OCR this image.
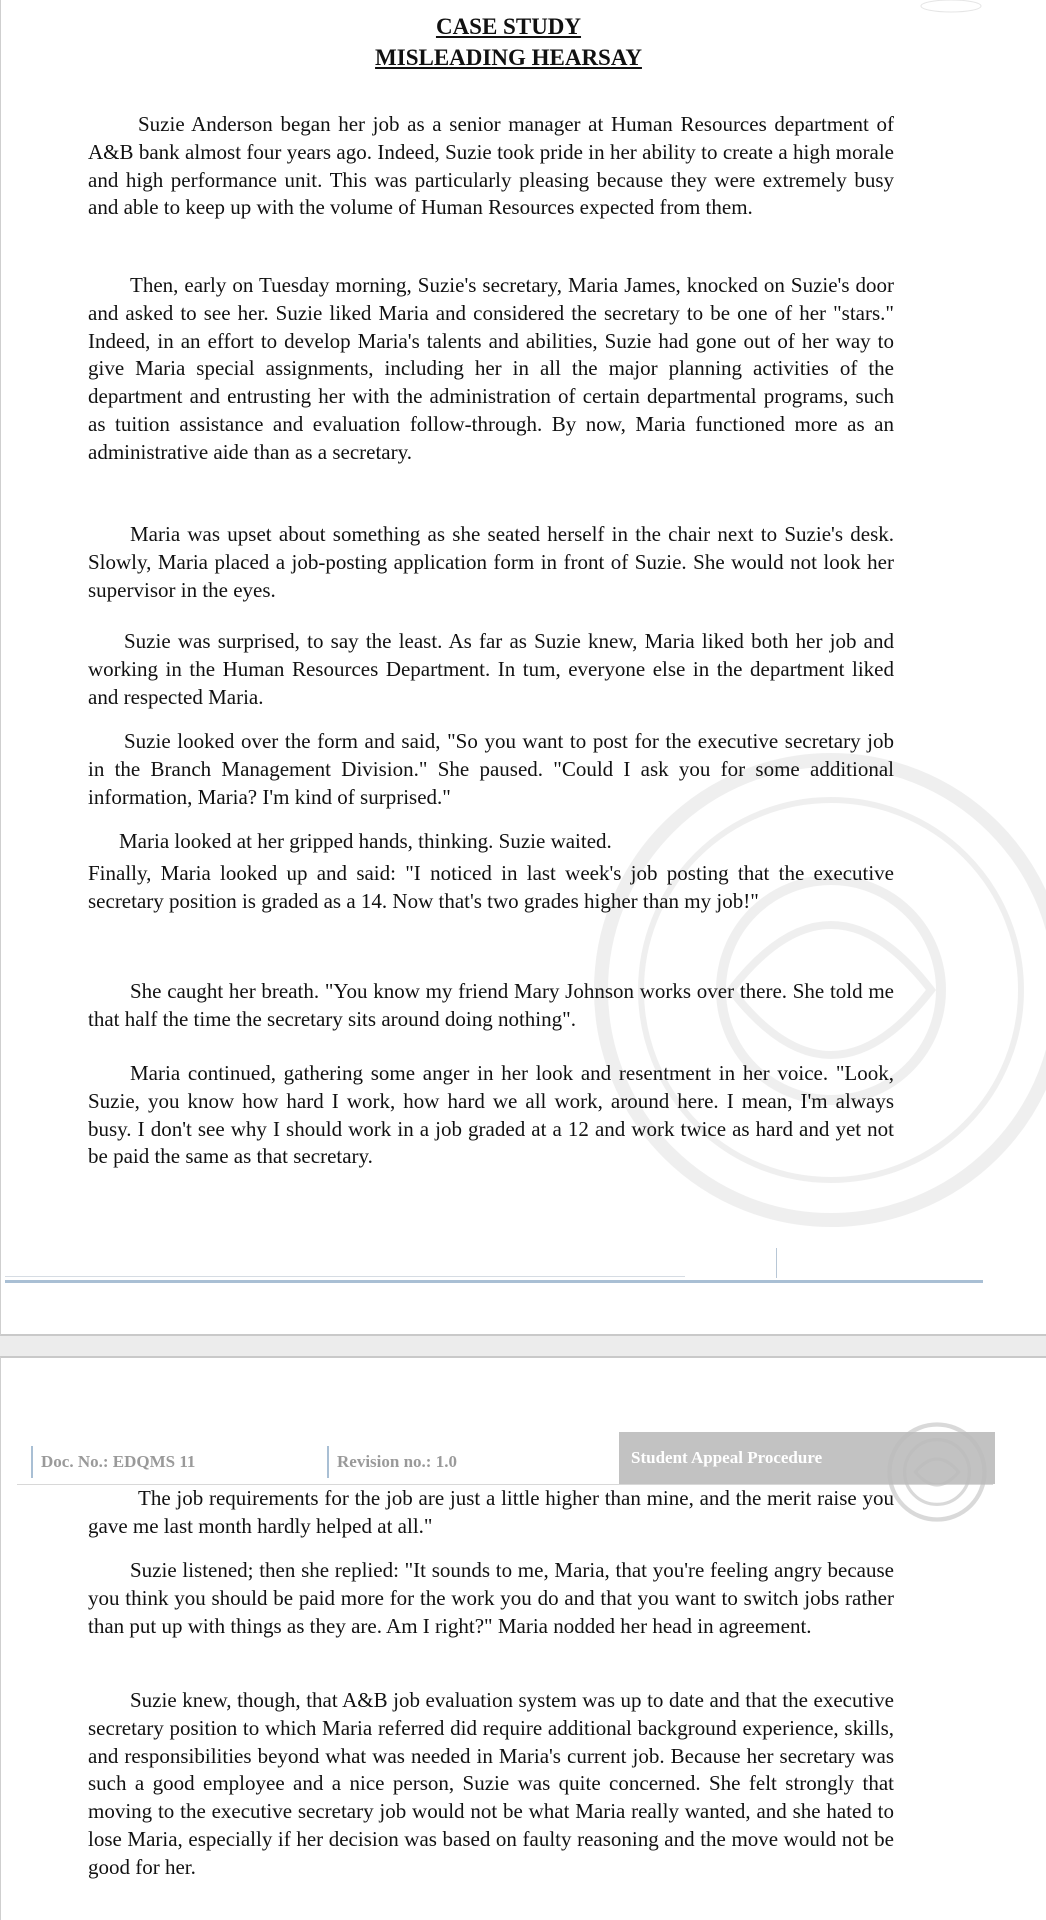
CASE STUDY
MISLEADING HEARSAY

Suzie Anderson began her job as a senior manager at Human Resources department of A&B bank almost four years ago. Indeed, Suzie took pride in her ability to create a high morale and high performance unit. This was particularly pleasing because they were extremely busy and able to keep up with the volume of Human Resources expected from them.

Then, early on Tuesday morning, Suzie's secretary, Maria James, knocked on Suzie's door and asked to see her. Suzie liked Maria and considered the secretary to be one of her "stars." Indeed, in an effort to develop Maria's talents and abilities, Suzie had gone out of her way to give Maria special assignments, including her in all the major planning activities of the department and entrusting her with the administration of certain departmental programs, such as tuition assistance and evaluation follow-through. By now, Maria functioned more as an administrative aide than as a secretary.

Maria was upset about something as she seated herself in the chair next to Suzie's desk. Slowly, Maria placed a job-posting application form in front of Suzie. She would not look her supervisor in the eyes.

Suzie was surprised, to say the least. As far as Suzie knew, Maria liked both her job and working in the Human Resources Department. In tum, everyone else in the department liked and respected Maria.

Suzie looked over the form and said, "So you want to post for the executive secretary job in the Branch Management Division." She paused. "Could I ask you for some additional information, Maria? I'm kind of surprised."

Maria looked at her gripped hands, thinking. Suzie waited.

Finally, Maria looked up and said: "I noticed in last week's job posting that the executive secretary position is graded as a 14. Now that's two grades higher than my job!"

She caught her breath. "You know my friend Mary Johnson works over there. She told me that half the time the secretary sits around doing nothing".

Maria continued, gathering some anger in her look and resentment in her voice. "Look, Suzie, you know how hard I work, how hard we all work, around here. I mean, I'm always busy. I don't see why I should work in a job graded at a 12 and work twice as hard and yet not be paid the same as that secretary.

Doc. No.: EDQMS 11	Revision no.: 1.0	Student Appeal Procedure

The job requirements for the job are just a little higher than mine, and the merit raise you gave me last month hardly helped at all."

Suzie listened; then she replied: "It sounds to me, Maria, that you're feeling angry because you think you should be paid more for the work you do and that you want to switch jobs rather than put up with things as they are. Am I right?" Maria nodded her head in agreement.

Suzie knew, though, that A&B job evaluation system was up to date and that the executive secretary position to which Maria referred did require additional background experience, skills, and responsibilities beyond what was needed in Maria's current job. Because her secretary was such a good employee and a nice person, Suzie was quite concerned. She felt strongly that moving to the executive secretary job would not be what Maria really wanted, and she hated to lose Maria, especially if her decision was based on faulty reasoning and the move would not be good for her.
